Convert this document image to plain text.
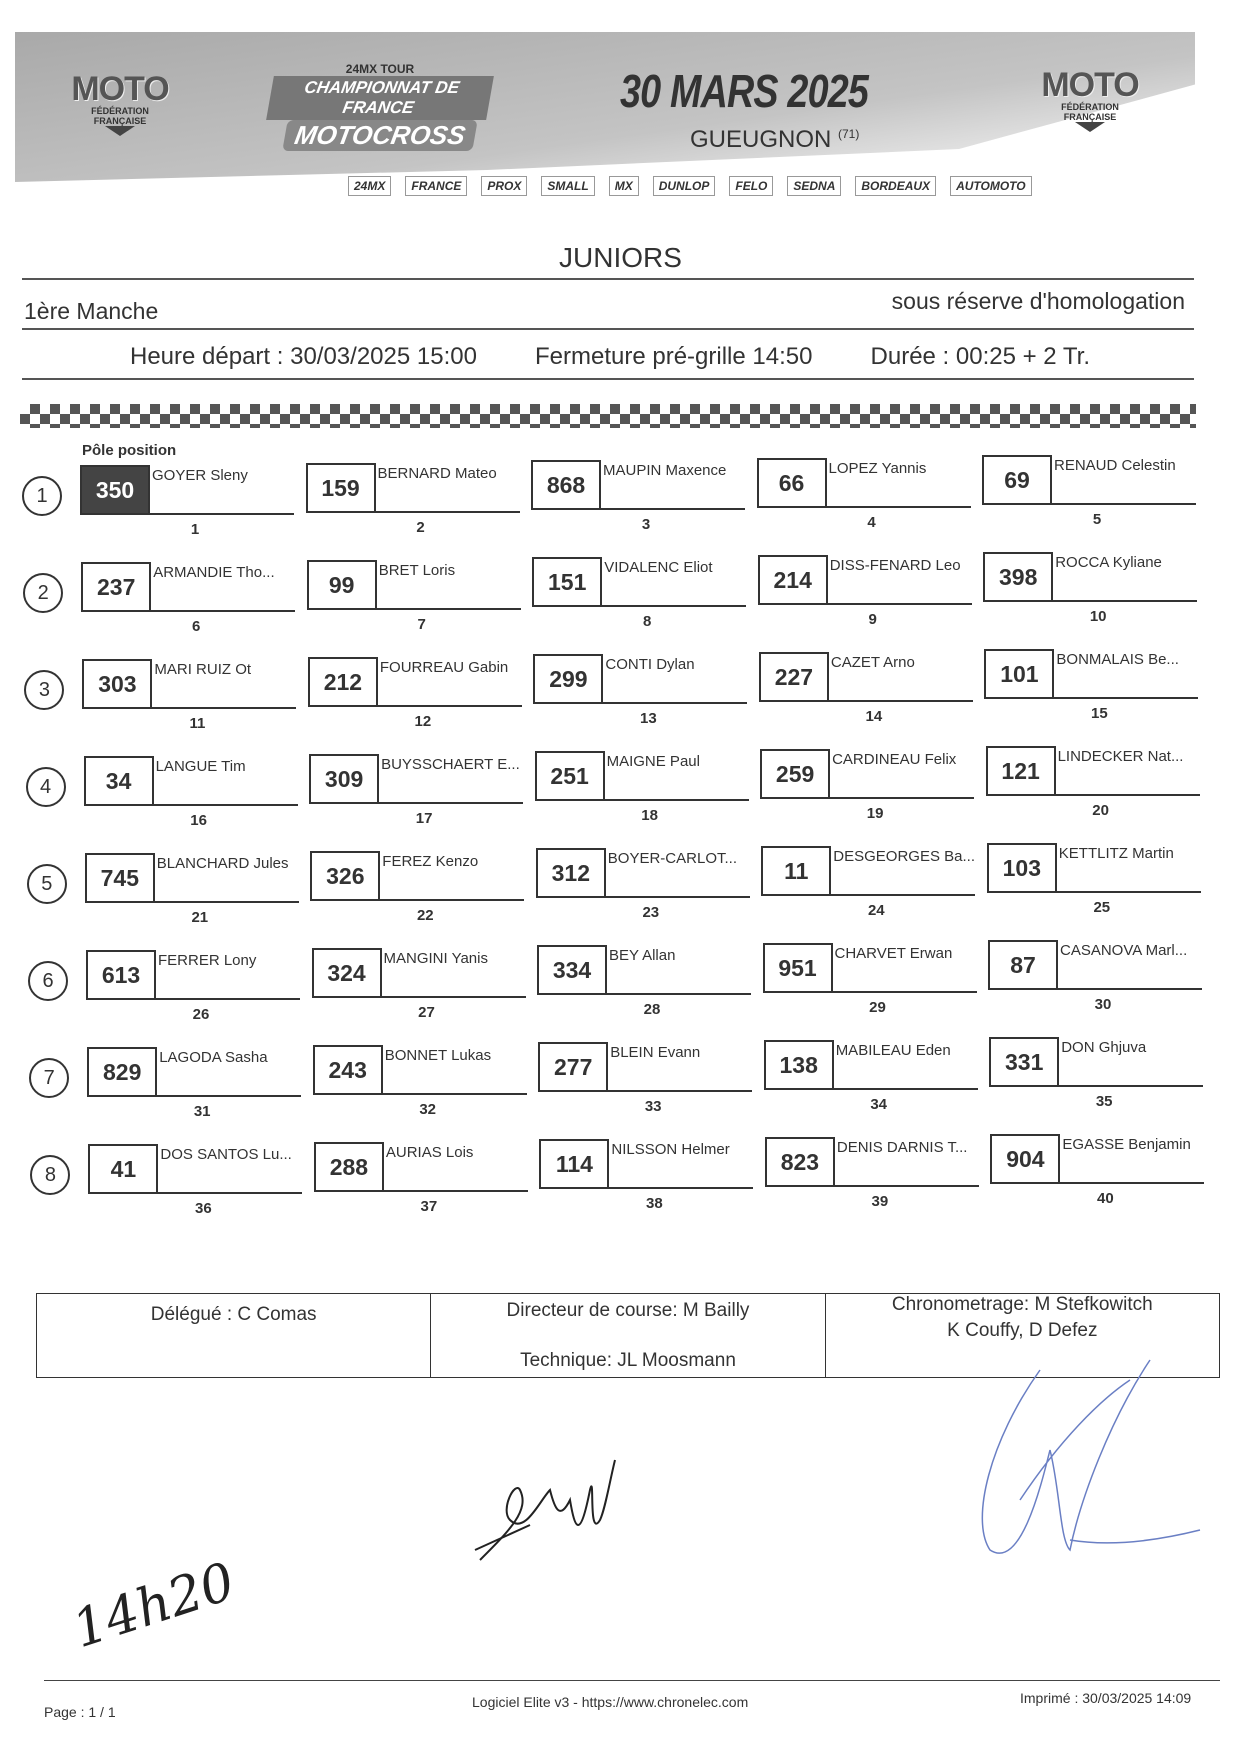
MOTO
FÉDÉRATION
FRANÇAISE
24MX TOUR
CHAMPIONNAT DE FRANCE
MOTOCROSS
30 MARS 2025
GUEUGNON $^{(71)}$
MOTO
FÉDÉRATION
FRANÇAISE
24MX	FRANCE	PROX	SMALL	MX	DUNLOP	FELO	SEDNA	BORDEAUX	AUTOMOTO
JUNIORS
1ère Manche	sous réserve d'homologation
Heure départ : 30/03/2025 15:00 Fermeture pré-grille 14:50 Durée : 00:25 + 2 Tr.
Pôle position
1	350
GOYER Sleny
1
159
BERNARD Mateo
2
868
MAUPIN Maxence
3
66
LOPEZ Yannis
4
69
RENAUD Celestin
5
2	237
ARMANDIE Tho...
6
99
BRET Loris
7
151
VIDALENC Eliot
8
214
DISS-FENARD Leo
9
398
ROCCA Kyliane
10
3	303
MARI RUIZ Ot
11
212
FOURREAU Gabin
12
299
CONTI Dylan
13
227
CAZET Arno
14
101
BONMALAIS Be...
15
4	34
LANGUE Tim
16
309
BUYSSCHAERT E...
17
251
MAIGNE Paul
18
259
CARDINEAU Felix
19
121
LINDECKER Nat...
20
5	745
BLANCHARD Jules
21
326
FEREZ Kenzo
22
312
BOYER-CARLOT...
23
11
DESGEORGES Ba...
24
103
KETTLITZ Martin
25
6	613
FERRER Lony
26
324
MANGINI Yanis
27
334
BEY Allan
28
951
CHARVET Erwan
29
87
CASANOVA Marl...
30
7	829
LAGODA Sasha
31
243
BONNET Lukas
32
277
BLEIN Evann
33
138
MABILEAU Eden
34
331
DON Ghjuva
35
8	41
DOS SANTOS Lu...
36
288
AURIAS Lois
37
114
NILSSON Helmer
38
823
DENIS DARNIS T...
39
904
EGASSE Benjamin
40
Délégué : C Comas	Directeur de course: M Bailly
Technique: JL Moosmann
Chronometrage: M Stefkowitch
K Couffy, D Defez
14h20
Page : 1 / 1
Logiciel Elite v3 - https://www.chronelec.com	Imprimé : 30/03/2025 14:09
